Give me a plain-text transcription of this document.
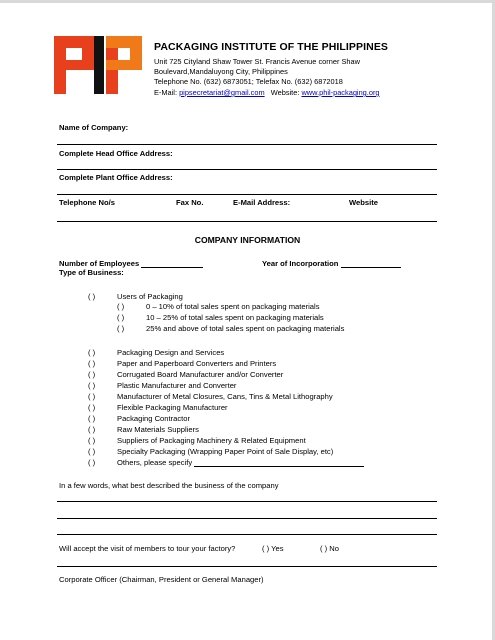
PACKAGING INSTITUTE OF THE PHILIPPINES
Unit 725 Cityland Shaw Tower St. Francis Avenue corner Shaw
Boulevard,Mandaluyong City, Philippines
Telephone No. (632) 6873051; Telefax No. (632) 6872018
E-Mail: pipsecretariat@gmail.com Website: www.phil-packaging.org
Name of Company:
Complete Head Office Address:
Complete Plant Office Address:
Telephone No/s	Fax No.	E-Mail Address:	Website
COMPANY INFORMATION
Number of Employees	Year of Incorporation
Type of Business:
( )	Users of Packaging
( )	0 – 10% of total sales spent on packaging materials
( )	10 – 25% of total sales spent on packaging materials
( )	25% and above of total sales spent on packaging materials
( )	Packaging Design and Services
( )	Paper and Paperboard Converters and Printers
( )	Corrugated Board Manufacturer and/or Converter
( )	Plastic Manufacturer and Converter
( )	Manufacturer of Metal Closures, Cans, Tins & Metal Lithography
( )	Flexible Packaging Manufacturer
( )	Packaging Contractor
( )	Raw Materials Suppliers
( )	Suppliers of Packaging Machinery & Related Equipment
( )	Specialty Packaging (Wrapping Paper Point of Sale Display, etc)
( )	Others, please specify
In a few words, what best described the business of the company
Will accept the visit of members to tour your factory?	( ) Yes	( ) No
Corporate Officer (Chairman, President or General Manager)
